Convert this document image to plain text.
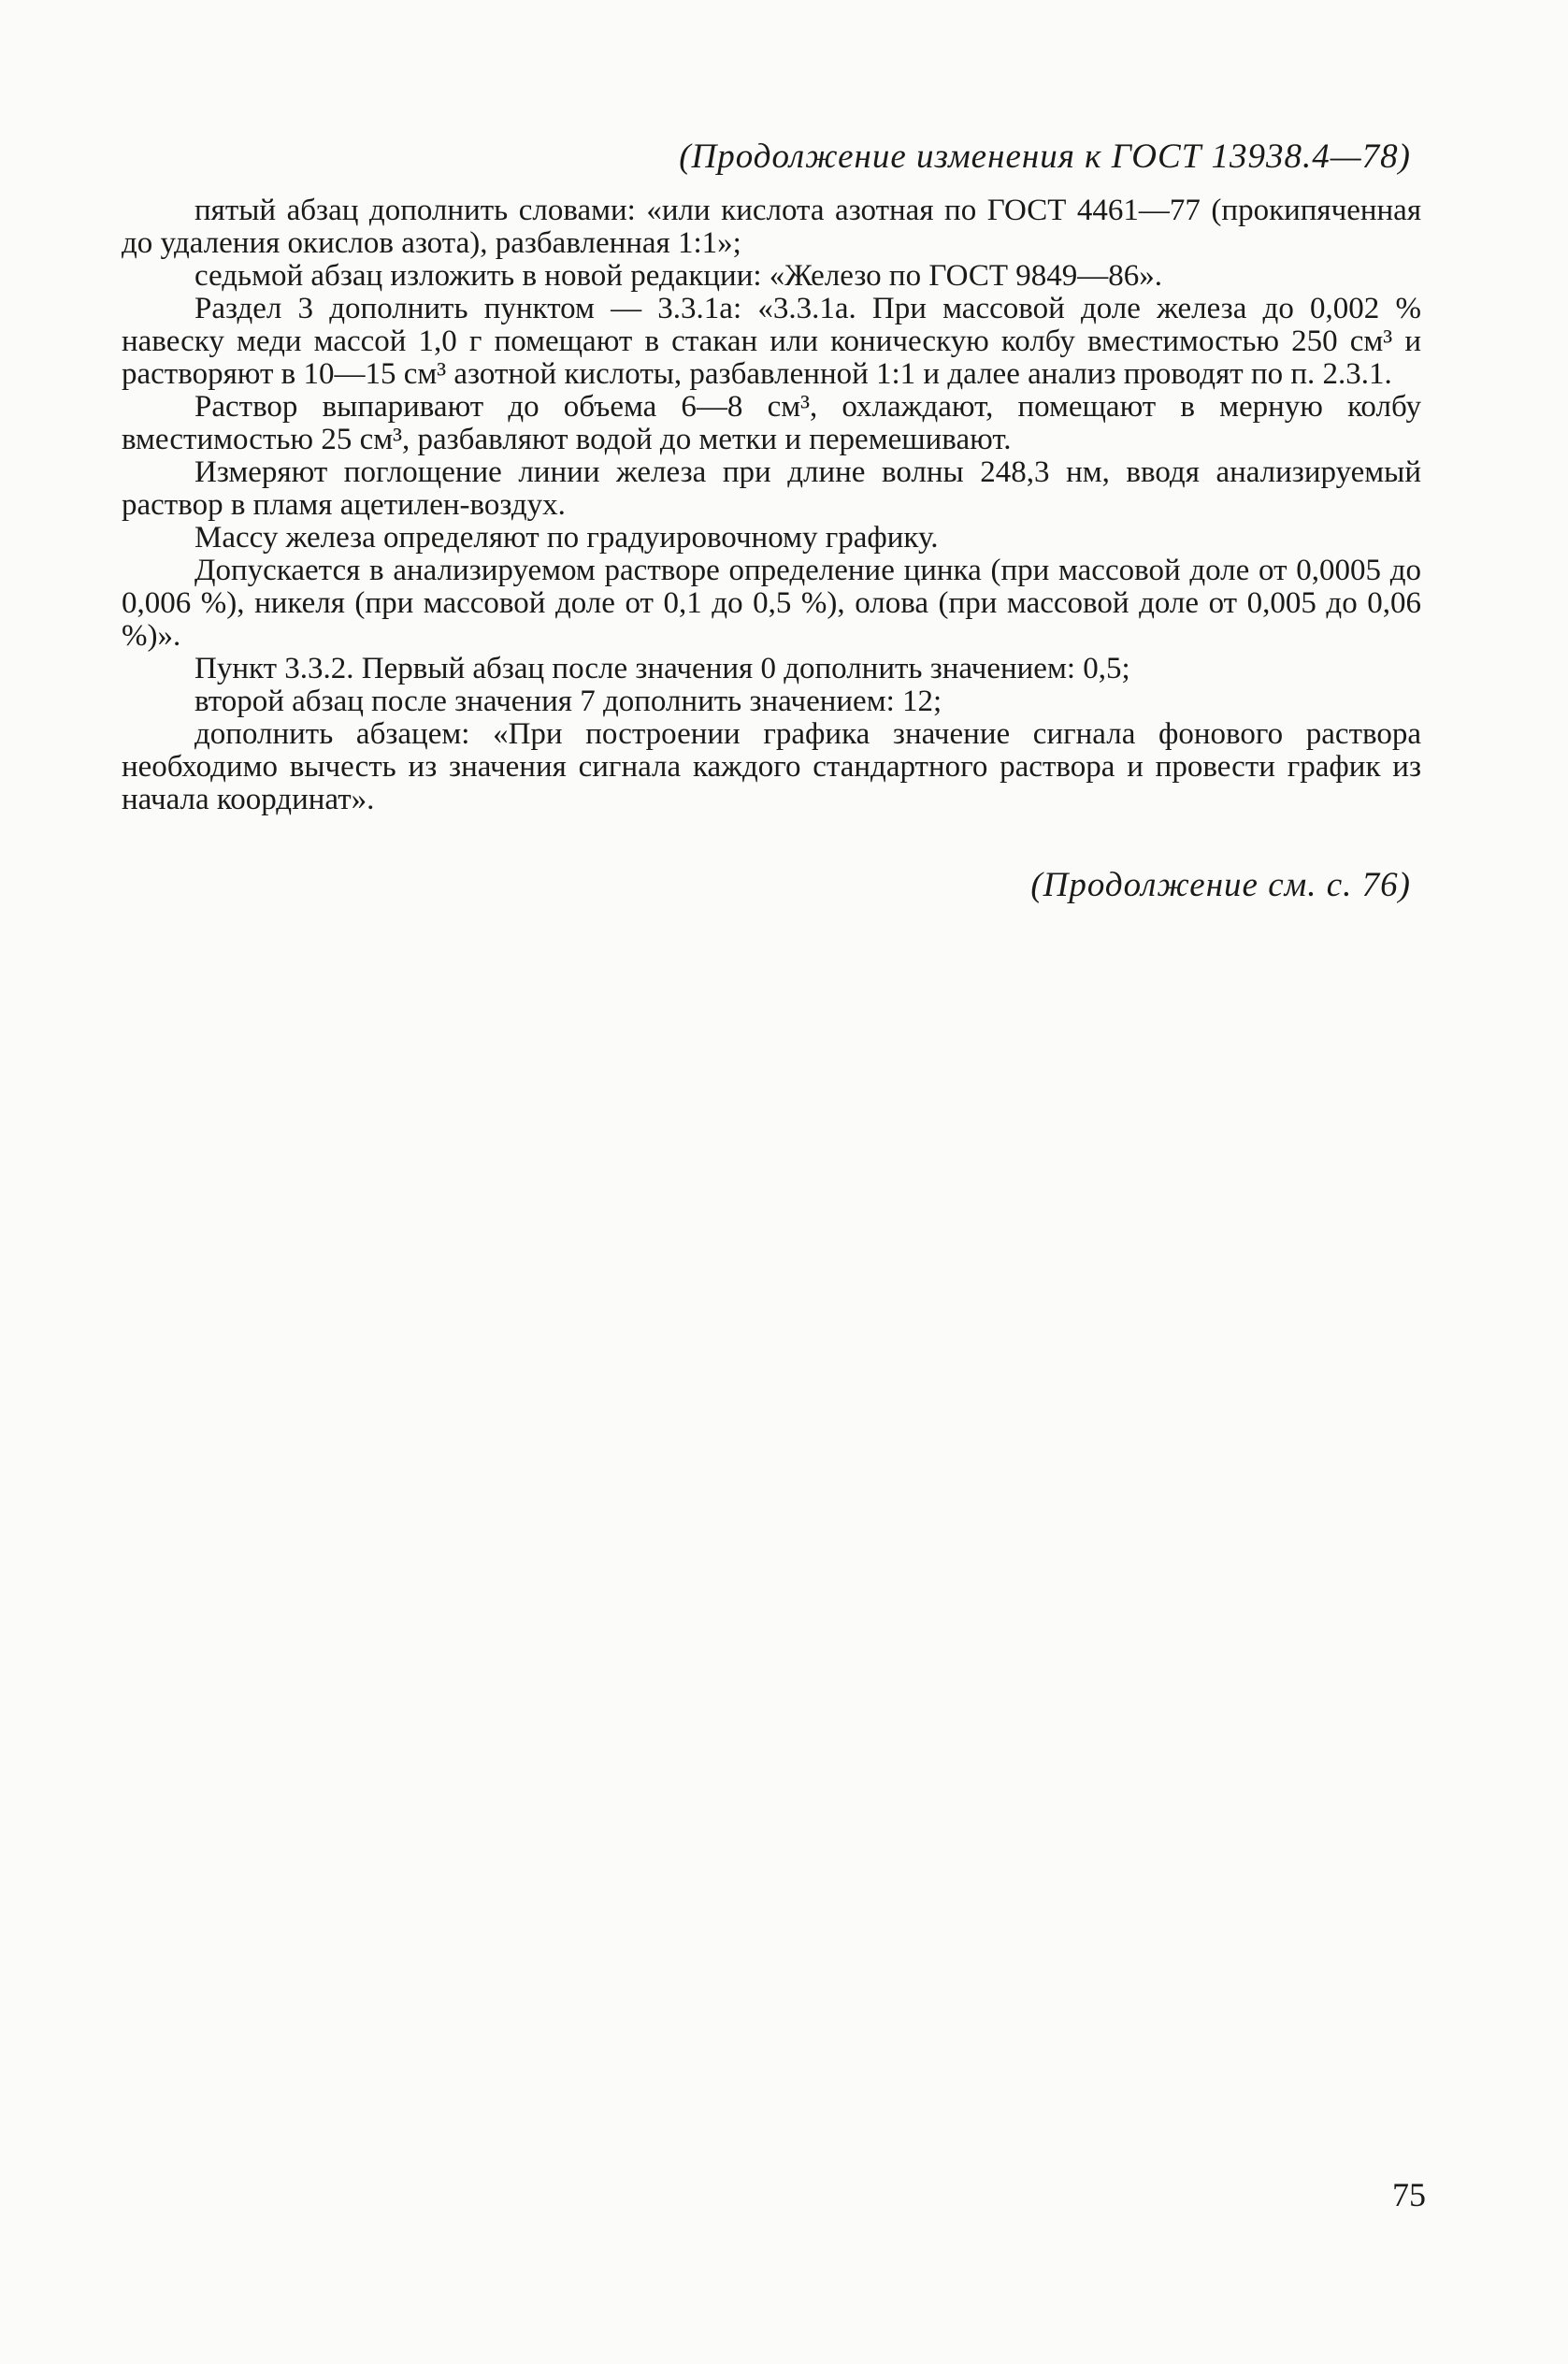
(Продолжение изменения к ГОСТ 13938.4—78)

пятый абзац дополнить словами: «или кислота азотная по ГОСТ 4461—77 (прокипяченная до удаления окислов азота), разбавленная 1:1»;

седьмой абзац изложить в новой редакции: «Железо по ГОСТ 9849—86».

Раздел 3 дополнить пунктом — 3.3.1а: «3.3.1а. При массовой доле железа до 0,002 % навеску меди массой 1,0 г помещают в стакан или коническую колбу вместимостью 250 см³ и растворяют в 10—15 см³ азотной кислоты, разбавленной 1:1 и далее анализ проводят по п. 2.3.1.

Раствор выпаривают до объема 6—8 см³, охлаждают, помещают в мерную колбу вместимостью 25 см³, разбавляют водой до метки и перемешивают.

Измеряют поглощение линии железа при длине волны 248,3 нм, вводя анализируемый раствор в пламя ацетилен-воздух.

Массу железа определяют по градуировочному графику.

Допускается в анализируемом растворе определение цинка (при массовой доле от 0,0005 до 0,006 %), никеля (при массовой доле от 0,1 до 0,5 %), олова (при массовой доле от 0,005 до 0,06 %)».

Пункт 3.3.2. Первый абзац после значения 0 дополнить значением: 0,5;

второй абзац после значения 7 дополнить значением: 12;

дополнить абзацем: «При построении графика значение сигнала фонового раствора необходимо вычесть из значения сигнала каждого стандартного раствора и провести график из начала координат».

(Продолжение см. с. 76)
75
